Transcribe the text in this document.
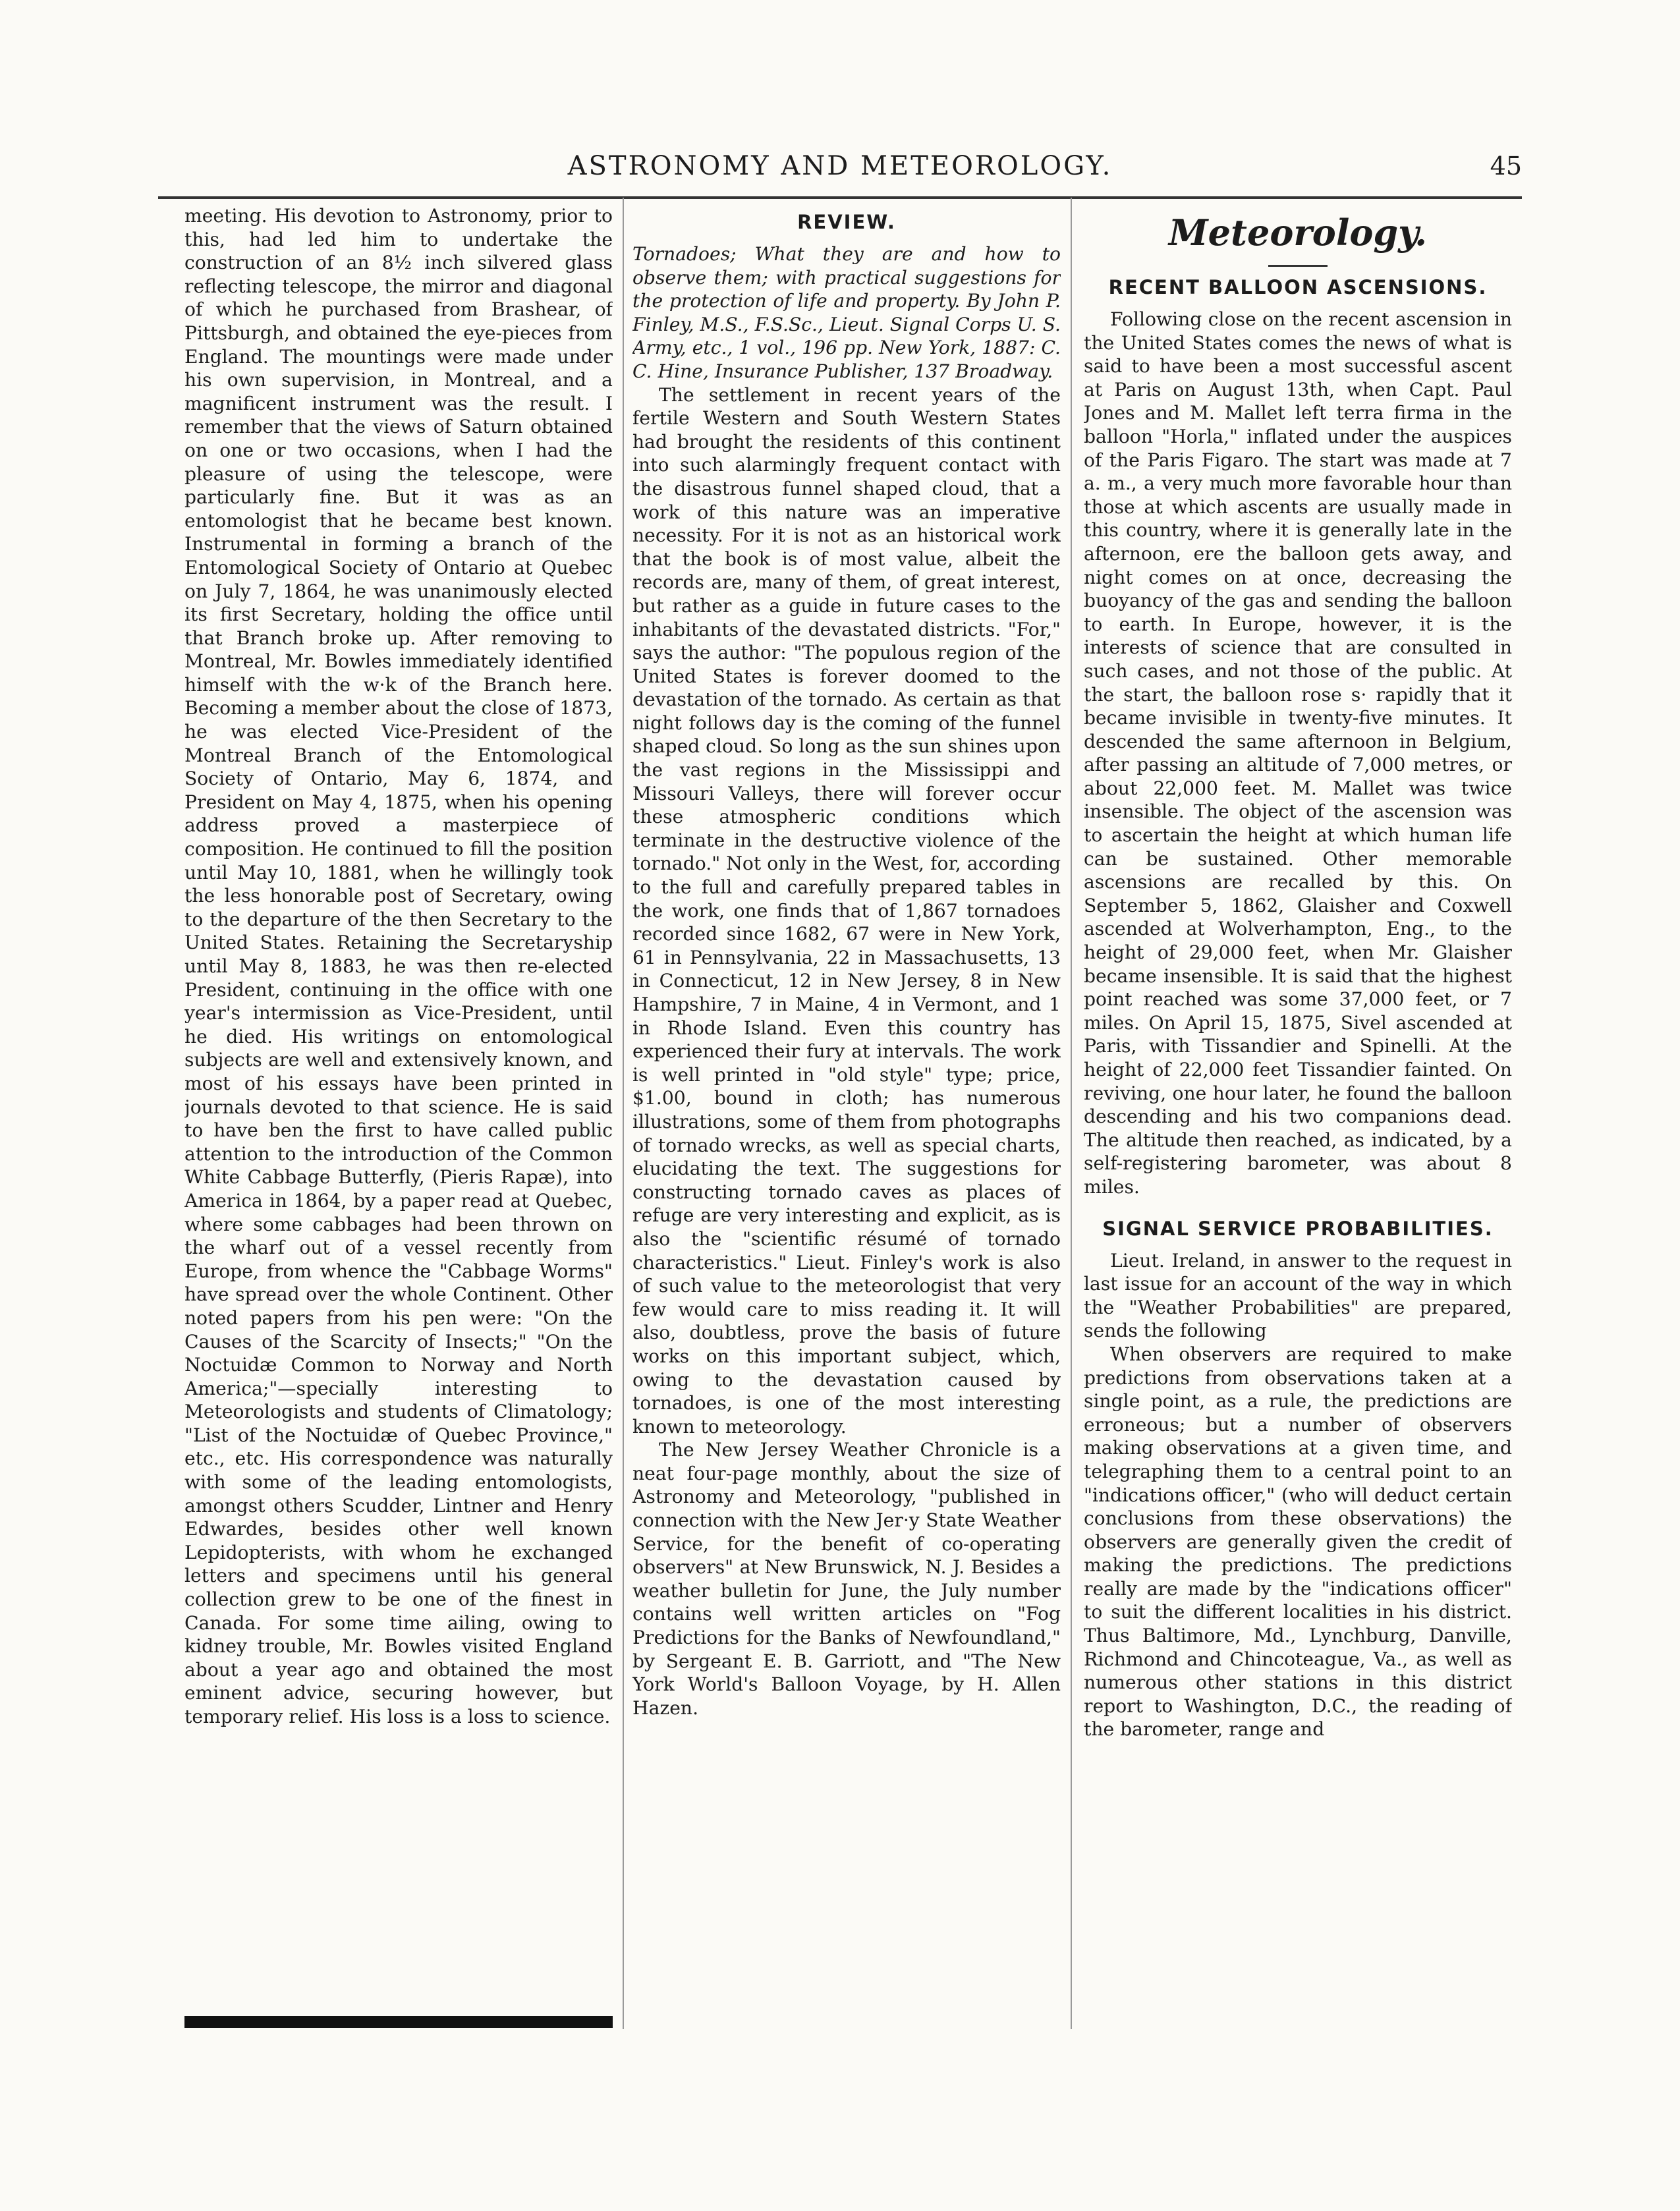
ASTRONOMY AND METEOROLOGY.	45

meeting. His devotion to Astronomy, prior to this, had led him to undertake the construction of an 8½ inch silvered glass reflecting telescope, the mirror and diagonal of which he purchased from Brashear, of Pittsburgh, and obtained the eye-pieces from England. The mountings were made under his own supervision, in Montreal, and a magnificent instrument was the result. I remember that the views of Saturn obtained on one or two occasions, when I had the pleasure of using the telescope, were particularly fine. But it was as an entomologist that he became best known. Instrumental in forming a branch of the Entomological Society of Ontario at Quebec on July 7, 1864, he was unanimously elected its first Secretary, holding the office until that Branch broke up. After removing to Montreal, Mr. Bowles immediately identified himself with the w·k of the Branch here. Becoming a member about the close of 1873, he was elected Vice-President of the Montreal Branch of the Entomological Society of Ontario, May 6, 1874, and President on May 4, 1875, when his opening address proved a masterpiece of composition. He continued to fill the position until May 10, 1881, when he willingly took the less honorable post of Secretary, owing to the departure of the then Secretary to the United States. Retaining the Secretaryship until May 8, 1883, he was then re-elected President, continuing in the office with one year's intermission as Vice-President, until he died. His writings on entomological subjects are well and extensively known, and most of his essays have been printed in journals devoted to that science. He is said to have ben the first to have called public attention to the introduction of the Common White Cabbage Butterfly, (Pieris Rapæ), into America in 1864, by a paper read at Quebec, where some cabbages had been thrown on the wharf out of a vessel recently from Europe, from whence the "Cabbage Worms" have spread over the whole Continent. Other noted papers from his pen were: "On the Causes of the Scarcity of Insects;" "On the Noctuidæ Common to Norway and North America;"—specially interesting to Meteorologists and students of Climatology; "List of the Noctuidæ of Quebec Province," etc., etc. His correspondence was naturally with some of the leading entomologists, amongst others Scudder, Lintner and Henry Edwardes, besides other well known Lepidopterists, with whom he exchanged letters and specimens until his general collection grew to be one of the finest in Canada. For some time ailing, owing to kidney trouble, Mr. Bowles visited England about a year ago and obtained the most eminent advice, securing however, but temporary relief. His loss is a loss to science.

REVIEW.

Tornadoes; What they are and how to observe them; with practical suggestions for the protection of life and property. By John P. Finley, M.S., F.S.Sc., Lieut. Signal Corps U. S. Army, etc., 1 vol., 196 pp. New York, 1887: C. C. Hine, Insurance Publisher, 137 Broadway.

The settlement in recent years of the fertile Western and South Western States had brought the residents of this continent into such alarmingly frequent contact with the disastrous funnel shaped cloud, that a work of this nature was an imperative necessity. For it is not as an historical work that the book is of most value, albeit the records are, many of them, of great interest, but rather as a guide in future cases to the inhabitants of the devastated districts. "For," says the author: "The populous region of the United States is forever doomed to the devastation of the tornado. As certain as that night follows day is the coming of the funnel shaped cloud. So long as the sun shines upon the vast regions in the Mississippi and Missouri Valleys, there will forever occur these atmospheric conditions which terminate in the destructive violence of the tornado." Not only in the West, for, according to the full and carefully prepared tables in the work, one finds that of 1,867 tornadoes recorded since 1682, 67 were in New York, 61 in Pennsylvania, 22 in Massachusetts, 13 in Connecticut, 12 in New Jersey, 8 in New Hampshire, 7 in Maine, 4 in Vermont, and 1 in Rhode Island. Even this country has experienced their fury at intervals. The work is well printed in "old style" type; price, $1.00, bound in cloth; has numerous illustrations, some of them from photographs of tornado wrecks, as well as special charts, elucidating the text. The suggestions for constructing tornado caves as places of refuge are very interesting and explicit, as is also the "scientific résumé of tornado characteristics." Lieut. Finley's work is also of such value to the meteorologist that very few would care to miss reading it. It will also, doubtless, prove the basis of future works on this important subject, which, owing to the devastation caused by tornadoes, is one of the most interesting known to meteorology.

The New Jersey Weather Chronicle is a neat four-page monthly, about the size of Astronomy and Meteorology, "published in connection with the New Jer·y State Weather Service, for the benefit of co-operating observers" at New Brunswick, N. J. Besides a weather bulletin for June, the July number contains well written articles on "Fog Predictions for the Banks of Newfoundland," by Sergeant E. B. Garriott, and "The New York World's Balloon Voyage, by H. Allen Hazen.

Meteorology.
RECENT BALLOON ASCENSIONS.

Following close on the recent ascension in the United States comes the news of what is said to have been a most successful ascent at Paris on August 13th, when Capt. Paul Jones and M. Mallet left terra firma in the balloon "Horla," inflated under the auspices of the Paris Figaro. The start was made at 7 a. m., a very much more favorable hour than those at which ascents are usually made in this country, where it is generally late in the afternoon, ere the balloon gets away, and night comes on at once, decreasing the buoyancy of the gas and sending the balloon to earth. In Europe, however, it is the interests of science that are consulted in such cases, and not those of the public. At the start, the balloon rose s· rapidly that it became invisible in twenty-five minutes. It descended the same afternoon in Belgium, after passing an altitude of 7,000 metres, or about 22,000 feet. M. Mallet was twice insensible. The object of the ascension was to ascertain the height at which human life can be sustained. Other memorable ascensions are recalled by this. On September 5, 1862, Glaisher and Coxwell ascended at Wolverhampton, Eng., to the height of 29,000 feet, when Mr. Glaisher became insensible. It is said that the highest point reached was some 37,000 feet, or 7 miles. On April 15, 1875, Sivel ascended at Paris, with Tissandier and Spinelli. At the height of 22,000 feet Tissandier fainted. On reviving, one hour later, he found the balloon descending and his two companions dead. The altitude then reached, as indicated, by a self-registering barometer, was about 8 miles.

SIGNAL SERVICE PROBABILITIES.

Lieut. Ireland, in answer to the request in last issue for an account of the way in which the "Weather Probabilities" are prepared, sends the following

When observers are required to make predictions from observations taken at a single point, as a rule, the predictions are erroneous; but a number of observers making observations at a given time, and telegraphing them to a central point to an "indications officer," (who will deduct certain conclusions from these observations) the observers are generally given the credit of making the predictions. The predictions really are made by the "indications officer" to suit the different localities in his district. Thus Baltimore, Md., Lynchburg, Danville, Richmond and Chincoteague, Va., as well as numerous other stations in this district report to Washington, D.C., the reading of the barometer, range and
